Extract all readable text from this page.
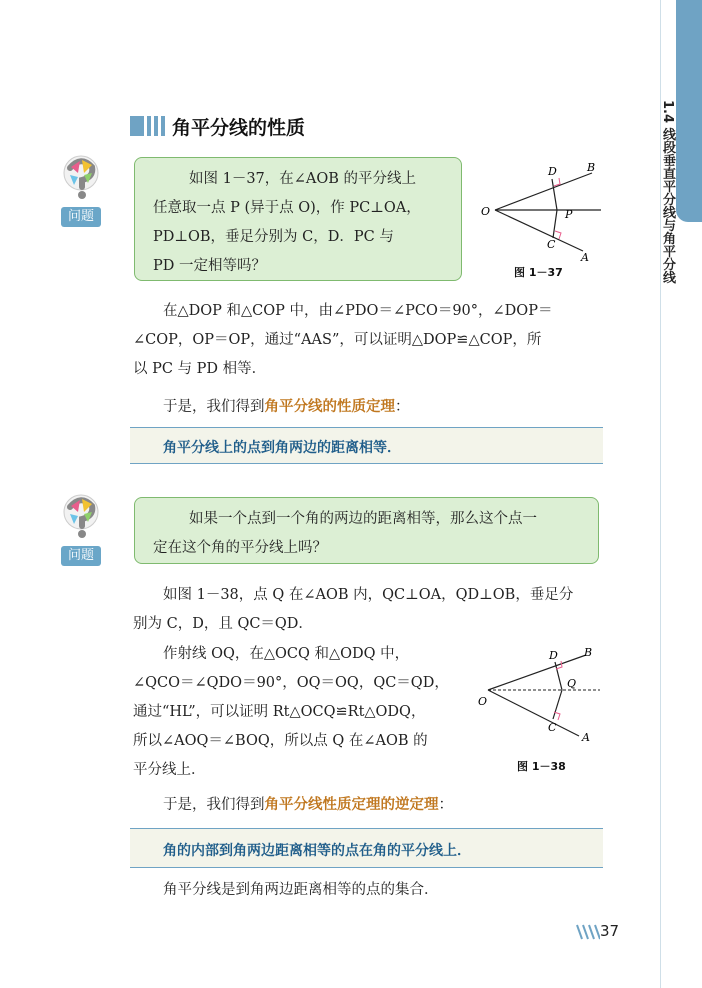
1.4 线段垂直平分线与角平分线
角平分线的性质
问题

如图 1－37，在∠AOB 的平分线上

任意取一点 P (异于点 O)，作 PC⊥OA，

PD⊥OB，垂足分别为 C，D．PC 与

PD 一定相等吗？

B
D
O	P
C
A
图 1－37

在△DOP 和△COP 中，由∠PDO＝∠PCO＝90°，∠DOP＝

∠COP，OP＝OP，通过“AAS”，可以证明△DOP≌△COP，所

以 PC 与 PD 相等．

于是，我们得到角平分线的性质定理：

角平分线上的点到角两边的距离相等．
问题

如果一个点到一个角的两边的距离相等，那么这个点一

定在这个角的平分线上吗？

如图 1－38，点 Q 在∠AOB 内，QC⊥OA，QD⊥OB，垂足分

别为 C，D，且 QC＝QD．

作射线 OQ，在△OCQ 和△ODQ 中，

∠QCO＝∠QDO＝90°，OQ＝OQ，QC＝QD，

通过“HL”，可以证明 Rt△OCQ≌Rt△ODQ，

所以∠AOQ＝∠BOQ，所以点 Q 在∠AOB 的

平分线上．

B
D
O
Q
C
A
图 1－38

于是，我们得到角平分线性质定理的逆定理：

角的内部到角两边距离相等的点在角的平分线上．

角平分线是到角两边距离相等的点的集合．

37
